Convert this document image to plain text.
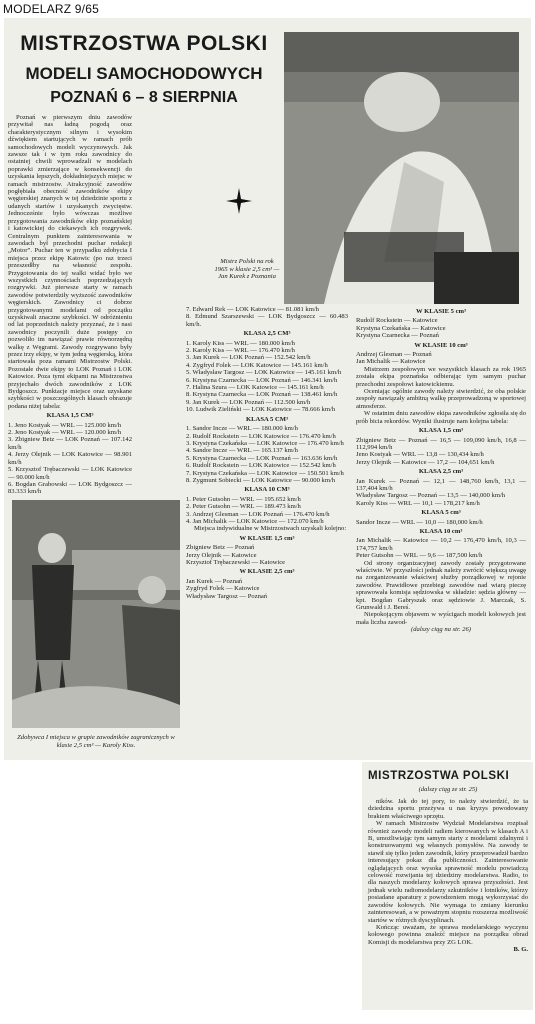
MODELARZ 9/65
MISTRZOSTWA POLSKI
MODELI SAMOCHODOWYCH
POZNAŃ 6 – 8 SIERPNIA

Poznań w pierwszym dniu zawodów przywitał nas ładną pogodą oraz charakterystycznym silnym i wysokim dźwiękiem startujących w ramach prób samochodowych modeli wyczynowych. Jak zawsze tak i w tym roku zawodnicy do ostatniej chwili wprowadzali w modelach poprawki zmierzające w konsekwencji do uzyskania lepszych, dokładniejszych miejsc w ramach mistrzostw. Atrakcyjność zawodów pogłębiała obecność zawodników ekipy węgierskiej znanych w tej dziedzinie sportu z udanych startów i uzyskanych zwycięstw. Jednocześnie było wówczas możliwe przygotowania zawodników ekip poznańskiej i katowickiej do ciekawych ich rozgrywek. Centralnym punktem zainteresowania w zawodach był przechodni puchar redakcji „Motor”. Puchar ten w przypadku zdobycia I miejsca przez ekipę Katowic (po raz trzeci przeszedłby na własność zespołu. Przygotowania do tej walki widać było we wszystkich czynnościach poprzedzających rozgrywki. Już pierwsze starty w ramach zawodów potwierdziły wyższość zawodników węgierskich. Zawodnicy ci dobrze przygotowanymi modelami od początku uzyskiwali znaczne szybkości. W odróżnieniu od lat poprzednich należy przyznać, że i nasi zawodnicy poczynili duże postępy co pozwoliło im nawiązać prawie równorzędną walkę z Węgrami. Zawody rozgrywano były przez trzy ekipy, w tym jedną węgierską, która startowała poza ramami Mistrzostw Polski. Pozostałe dwie ekipy to LOK Poznań i LOK Katowice. Poza tymi ekipami na Mistrzostwa przyjechało dwóch zawodników z LOK Bydgoszcz. Punktacje miejsce oraz uzyskane szybkości w poszczególnych klasach obrazuje podana niżej tabela:

KLASA 1,5 CM³
1. Jeno Kostyak — WRL — 125.000 km/h
2. Jeno Kostyak — WRL — 120.000 km/h
3. Zbigniew Betz — LOK Poznań — 107.142 km/h
4. Jerzy Olejnik — LOK Katowice — 98.901 km/h
5. Krzysztof Trębaczewski — LOK Katowice — 90.000 km/h
6. Bogdan Grabowski — LOK Bydgoszcz — 83.333 km/h
Mistrz Polski na rok 1965 w klasie 2,5 cm³ — Jan Kurek z Poznania
Zdobywca I miejsca w grupie zawodników zagranicznych w klasie 2,5 cm³ — Karoly Kiss.
7. Edward Rek — LOK Katowice — 81.081 km/h
8. Edmund Szarszewski — LOK Bydgoszcz — 60.483 km/h.
KLASA 2,5 CM³
1. Karoly Kiss — WRL — 180.000 km/h
2. Karoly Kiss — WRL — 176.470 km/h
3. Jan Kurek — LOK Poznań — 152.542 km/h
4. Zygfryd Folek — LOK Katowice — 145.161 km/h
5. Władysław Targosz — LOK Katowice — 145.161 km/h
6. Krystyna Czarnecka — LOK Poznań — 146.341 km/h
7. Halina Szura — LOK Katowice — 145.161 km/h
8. Krystyna Czarnecka — LOK Poznań — 138.461 km/h
9. Jan Kurek — LOK Poznań — 112.500 km/h
10. Ludwik Zieliński — LOK Katowice — 78.666 km/h
KLASA 5 CM³
1. Sandor Incze — WRL — 180.000 km/h
2. Rudolf Rockstein — LOK Katowice — 176.470 km/h
3. Krystyna Czekańska — LOK Katowice — 176.470 km/h
4. Sandor Incze — WRL — 165.137 km/h
5. Krystyna Czarnecka — LOK Poznań — 163.636 km/h
6. Rudolf Rockstein — LOK Katowice — 152.542 km/h
7. Krystyna Czekańska — LOK Katowice — 150.501 km/h
8. Zygmunt Sobiecki — LOK Katowice — 90.000 km/h
KLASA 10 CM³
1. Peter Gutsohn — WRL — 195.652 km/h
2. Peter Gutsohn — WRL — 189.473 km/h
3. Andrzej Glesman — LOK Poznań — 176.470 km/h
4. Jan Michalik — LOK Katowice — 172.070 km/h
Miejsca indywidualne w Mistrzostwach uzyskali kolejno:
W KLASIE 1,5 cm³
Zbigniew Betz — Poznań
Jerzy Olejnik — Katowice
Krzysztof Trębaczewski — Katowice
W KLASIE 2,5 cm³
Jan Kurek — Poznań
Zygfryd Folek — Katowice
Władysław Targosz — Poznań
W KLASIE 5 cm³
Rudolf Rockstein — Katowice
Krystyna Czekańska — Katowice
Krystyna Czarnecka — Poznań
W KLASIE 10 cm³
Andrzej Glesman — Poznań
Jan Michalik — Katowice
Mistrzem zespołowym we wszystkich klasach za rok 1965 została ekipa poznańska odbierając tym samym puchar przechodni zespołowi katowickiemu.
Oceniając ogólnie zawody należy stwierdzić, że oba polskie zespoły nawiązały ambitną walkę przeprowadzoną w sportowej atmosferze.
W ostatnim dniu zawodów ekipa zawodników zgłosiła się do prób bicia rekordów. Wyniki ilustruje nam kolejna tabela:
KLASA 1,5 cm³
Zbigniew Betz — Poznań — 16,5 — 109,090 km/h, 16,8 — 112,994 km/h
Jeno Kostyak — WRL — 13,8 — 130,434 km/h
Jerzy Olejnik — Katowice — 17,2 — 104,651 km/h
KLASA 2,5 cm³
Jan Kurek — Poznań — 12,1 — 148,760 km/h, 13,1 — 137,404 km/h
Władysław Targosz — Poznań — 13,5 — 140,000 km/h
Karoly Kiss — WRL — 10,1 — 178,217 km/h
KLASA 5 cm³
Sandor Incze — WRL — 10,0 — 180,000 km/h
KLASA 10 cm³
Jan Michalik — Katowice — 10,2 — 176,470 km/h, 10,3 — 174,757 km/h
Peter Gutsohn — WRL — 9,6 — 187,500 km/h
Od strony organizacyjnej zawody zostały przygotowane właściwie. W przyszłości jednak należy zwrócić większą uwagę na zorganizowanie właściwej służby porządkowej w rejonie zawodów. Prawidłowe przebiegi zawodów nad wiarą pieczę sprawowała komisja sędziowska w składzie: sędzia główny — kpt. Bogdan Gabryszak oraz sędziowie J. Marczak, S. Grunwald i J. Bereś.
Niepokojącym objawem w wyścigach modeli kołowych jest mała liczba zawod-
(dalszy ciąg na str. 26)
MISTRZOSTWA POLSKI
(dalszy ciąg ze str. 25)

ników. Jak do tej pory, to należy stwierdzić, że ta dziedzina sportu przeżywa u nas kryzys powodowany brakiem właściwego sprzętu.

W ramach Mistrzostw Wydział Modelarstwa rozpisał również zawody modeli radiem kierowanych w klasach A i B, umożliwiając tym samym starty z modelami zdalnymi i konstruowanymi wg własnych pomysłów. Na zawody te stawił się tylko jeden zawodnik, który przeprowadził bardzo interesujący pokaz dla publiczności. Zainteresowanie oglądających oraz wysoka sprawność modelu powiadczą celowość rozwijania tej dziedziny modelarstwa. Radio, to dla naszych modelarzy kołowych sprawa przyszłości. Jest jednak wielu radiomodelarzy szkutników i lotników, którzy posiadane aparatury z powodzeniem mogą wykorzystać do zawodów kołowych. Nie wymaga to zmiany kierunku zainteresowań, a w poważnym stopniu rozszerza możliwość startów w różnych dyscyplinach.

Kończąc uważam, że sprawa modelarskiego wyczynu kołowego powinna znaleźć miejsce na porządku obrad Komisji ds modelarstwa przy ZG LOK.

B. G.
